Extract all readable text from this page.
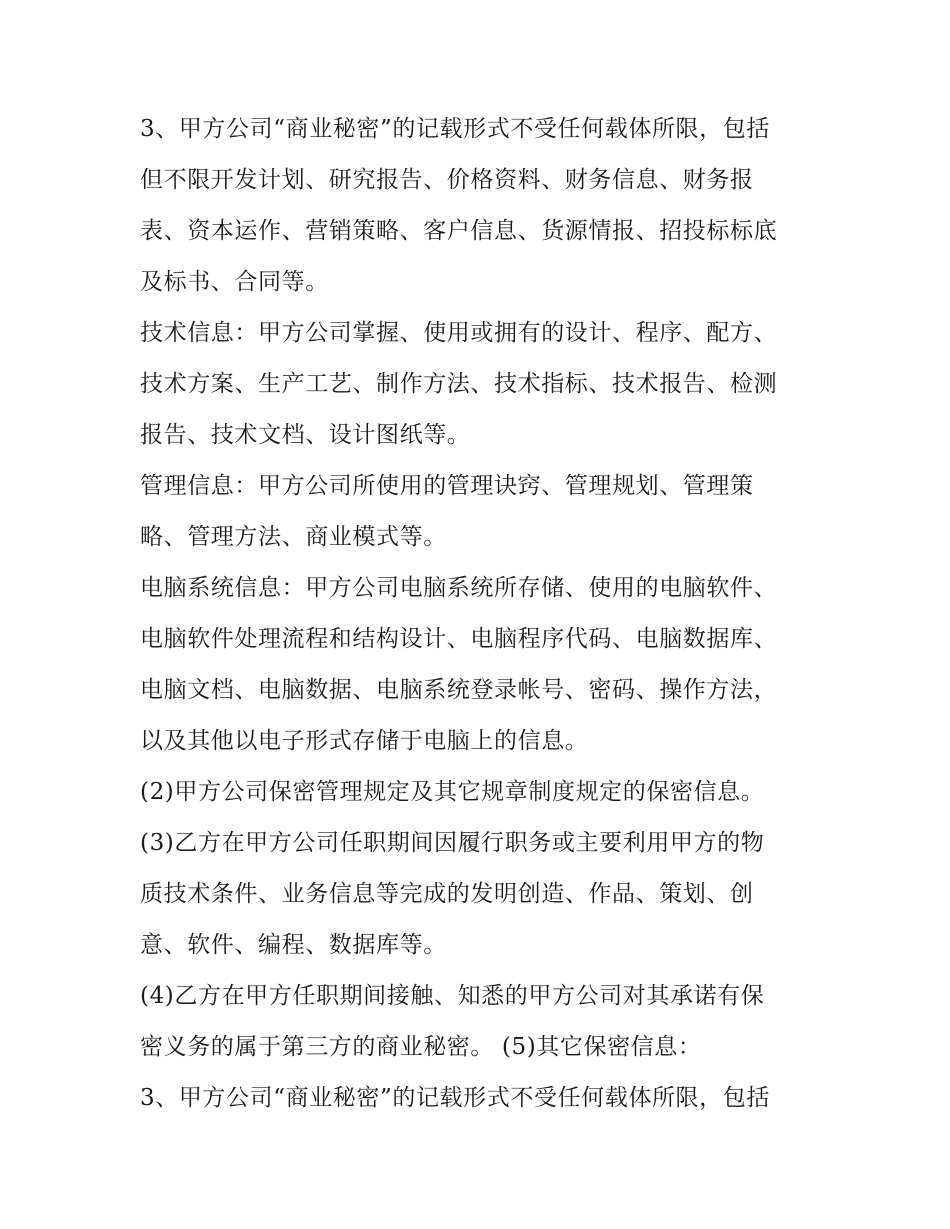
3、甲方公司“商业秘密”的记载形式不受任何载体所限，包括
但不限开发计划、研究报告、价格资料、财务信息、财务报
表、资本运作、营销策略、客户信息、货源情报、招投标标底
及标书、合同等。

技术信息：甲方公司掌握、使用或拥有的设计、程序、配方、
技术方案、生产工艺、制作方法、技术指标、技术报告、检测
报告、技术文档、设计图纸等。

管理信息：甲方公司所使用的管理诀窍、管理规划、管理策
略、管理方法、商业模式等。

电脑系统信息：甲方公司电脑系统所存储、使用的电脑软件、
电脑软件处理流程和结构设计、电脑程序代码、电脑数据库、
电脑文档、电脑数据、电脑系统登录帐号、密码、操作方法，
以及其他以电子形式存储于电脑上的信息。

(2)甲方公司保密管理规定及其它规章制度规定的保密信息。

(3)乙方在甲方公司任职期间因履行职务或主要利用甲方的物
质技术条件、业务信息等完成的发明创造、作品、策划、创
意、软件、编程、数据库等。

(4)乙方在甲方任职期间接触、知悉的甲方公司对其承诺有保
密义务的属于第三方的商业秘密。 (5)其它保密信息：

3、甲方公司“商业秘密”的记载形式不受任何载体所限，包括
